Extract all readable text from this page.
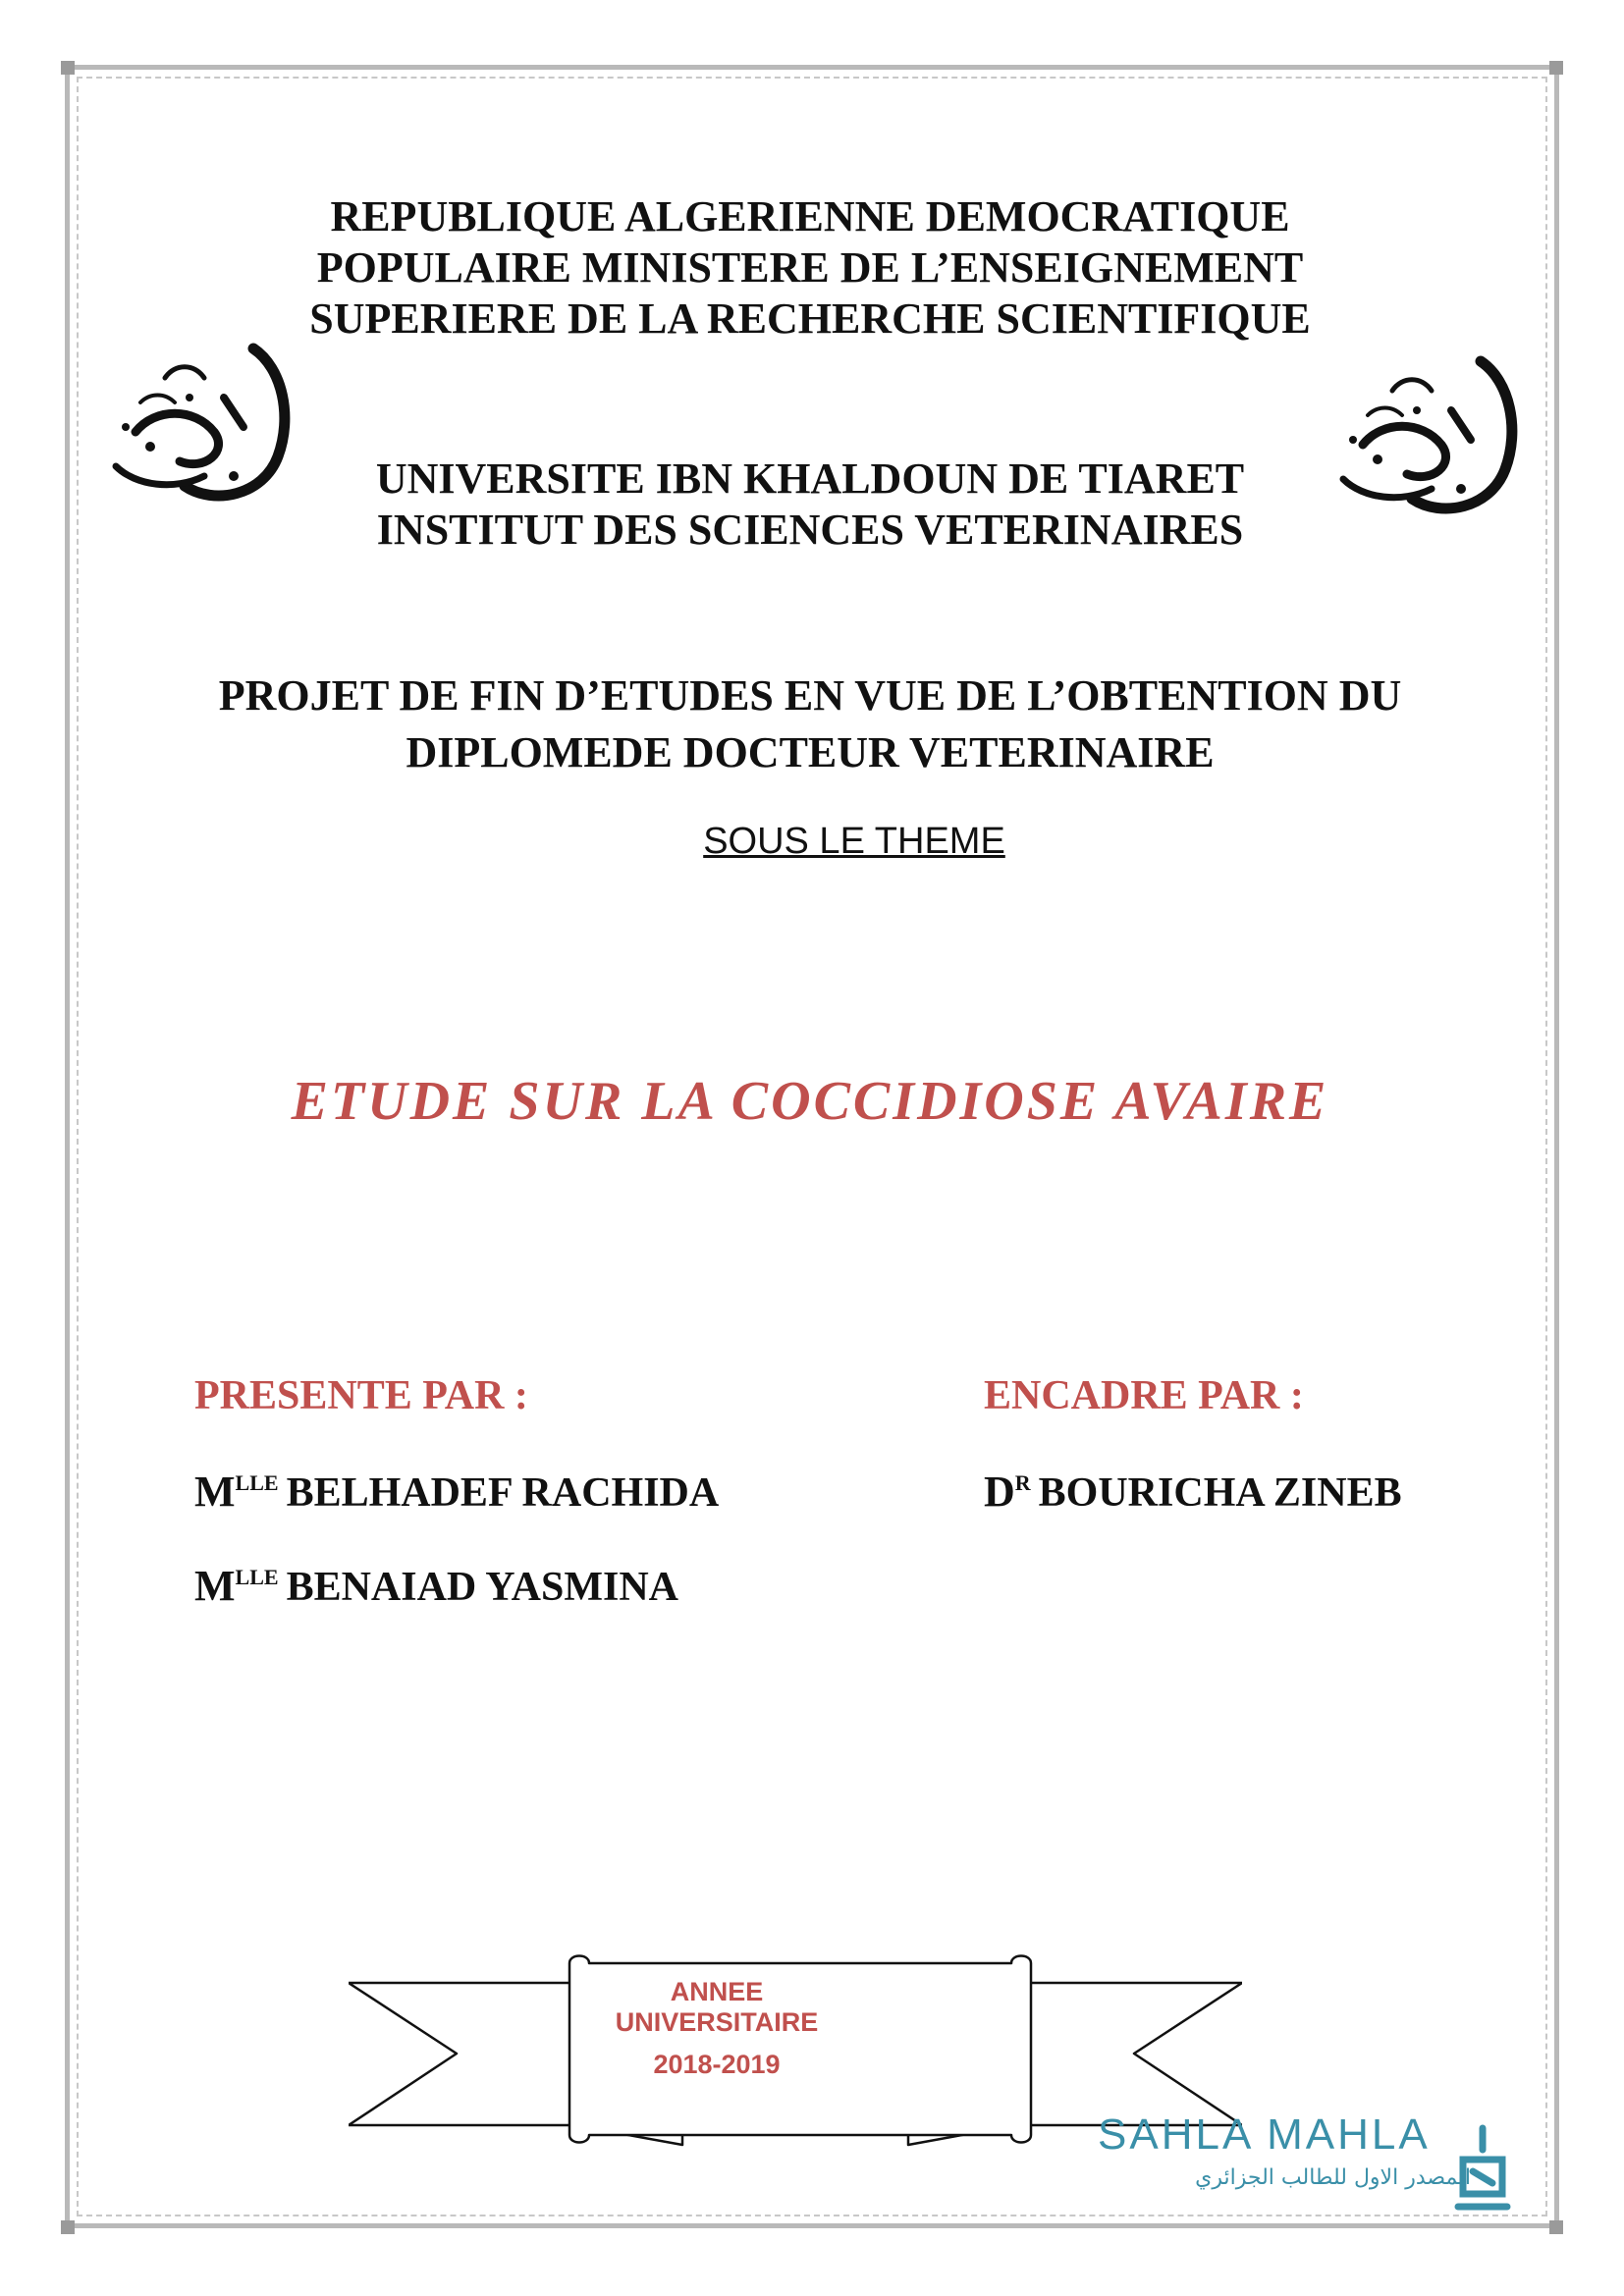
REPUBLIQUE ALGERIENNE DEMOCRATIQUE
POPULAIRE MINISTERE DE L’ENSEIGNEMENT
SUPERIERE DE LA RECHERCHE SCIENTIFIQUE
UNIVERSITE IBN KHALDOUN DE TIARET
INSTITUT DES SCIENCES VETERINAIRES
PROJET DE FIN D’ETUDES EN VUE DE L’OBTENTION DU
DIPLOMEDE DOCTEUR VETERINAIRE
SOUS LE THEME
ETUDE SUR LA COCCIDIOSE AVAIRE
PRESENTE PAR :
$M^{LLE}$ BELHADEF RACHIDA
$M^{LLE}$ BENAIAD YASMINA
ENCADRE PAR :
$D^R$ BOURICHA ZINEB
ANNEE UNIVERSITAIRE
2018-2019
SAHLA MAHLA
المصدر الاول للطالب الجزائري
